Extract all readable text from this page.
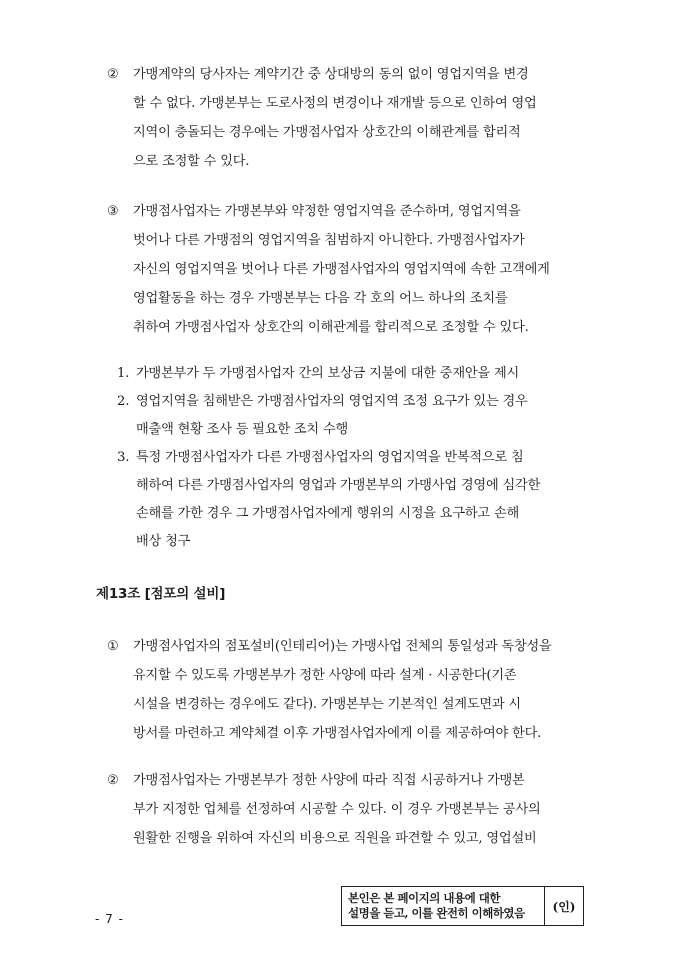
② 가맹계약의 당사자는 계약기간 중 상대방의 동의 없이 영업지역을 변경
할 수 없다. 가맹본부는 도로사정의 변경이나 재개발 등으로 인하여 영업
지역이 충돌되는 경우에는 가맹점사업자 상호간의 이해관계를 합리적
으로 조정할 수 있다.
③ 가맹점사업자는 가맹본부와 약정한 영업지역을 준수하며, 영업지역을
벗어나 다른 가맹점의 영업지역을 침범하지 아니한다. 가맹점사업자가
자신의 영업지역을 벗어나 다른 가맹점사업자의 영업지역에 속한 고객에게
영업활동을 하는 경우 가맹본부는 다음 각 호의 어느 하나의 조치를
취하여 가맹점사업자 상호간의 이해관계를 합리적으로 조정할 수 있다.
1. 가맹본부가 두 가맹점사업자 간의 보상금 지불에 대한 중재안을 제시
2. 영업지역을 침해받은 가맹점사업자의 영업지역 조정 요구가 있는 경우
매출액 현황 조사 등 필요한 조치 수행
3. 특정 가맹점사업자가 다른 가맹점사업자의 영업지역을 반복적으로 침
해하여 다른 가맹점사업자의 영업과 가맹본부의 가맹사업 경영에 심각한
손해를 가한 경우 그 가맹점사업자에게 행위의 시정을 요구하고 손해
배상 청구
제13조 [점포의 설비]
① 가맹점사업자의 점포설비(인테리어)는 가맹사업 전체의 통일성과 독창성을
유지할 수 있도록 가맹본부가 정한 사양에 따라 설계 · 시공한다(기존
시설을 변경하는 경우에도 같다). 가맹본부는 기본적인 설계도면과 시
방서를 마련하고 계약체결 이후 가맹점사업자에게 이를 제공하여야 한다.
② 가맹점사업자는 가맹본부가 정한 사양에 따라 직접 시공하거나 가맹본
부가 지정한 업체를 선정하여 시공할 수 있다. 이 경우 가맹본부는 공사의
원활한 진행을 위하여 자신의 비용으로 직원을 파견할 수 있고, 영업설비
- 7 -
본인은 본 페이지의 내용에 대한
설명을 듣고, 이를 완전히 이해하였음	(인)
